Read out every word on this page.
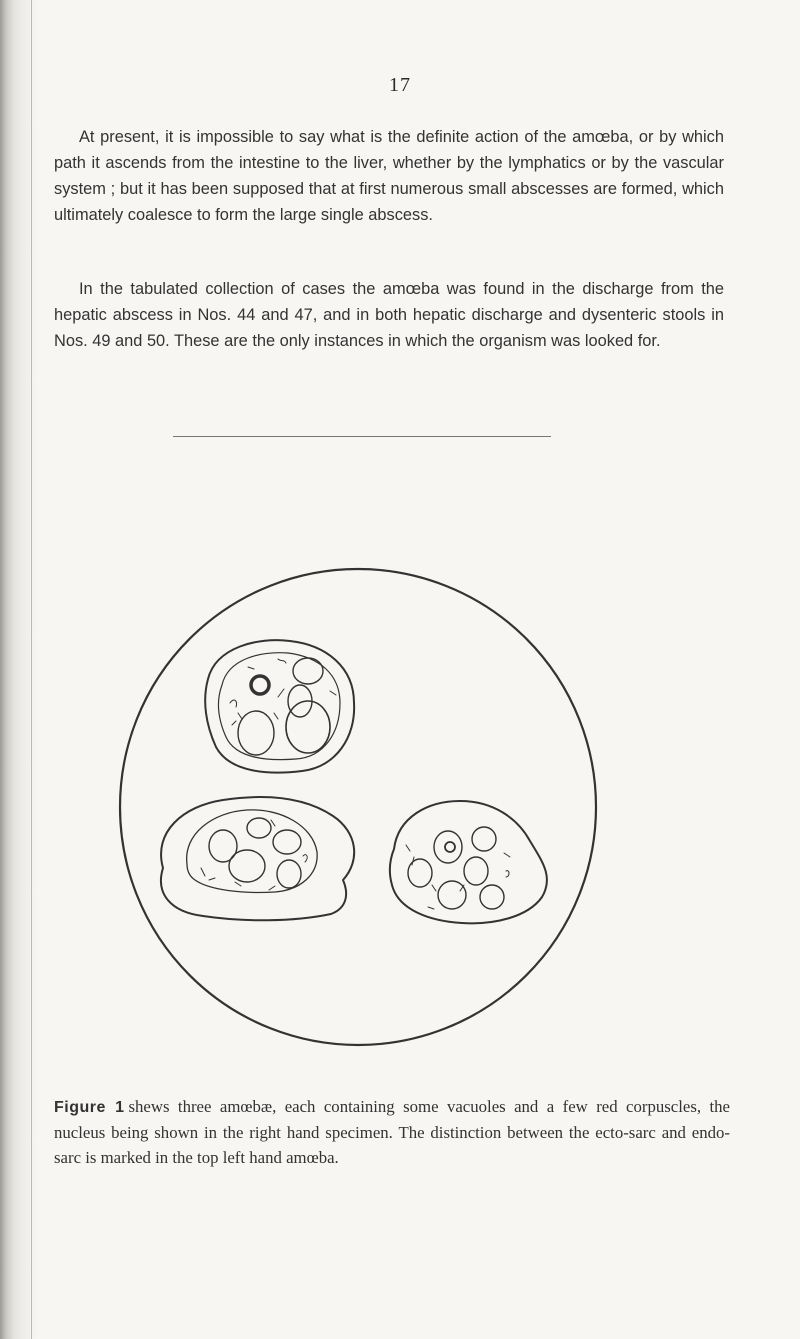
17

At present, it is impossible to say what is the definite action of the amœba, or by which path it ascends from the intestine to the liver, whether by the lymphatics or by the vascular system ; but it has been supposed that at first numerous small abscesses are formed, which ultimately coalesce to form the large single abscess.

In the tabulated collection of cases the amœba was found in the discharge from the hepatic abscess in Nos. 44 and 47, and in both hepatic discharge and dysenteric stools in Nos. 49 and 50. These are the only instances in which the organism was looked for.

Figure 1 shews three amœbæ, each containing some vacuoles and a few red corpuscles, the nucleus being shown in the right hand specimen. The distinction between the ecto-sarc and endo-sarc is marked in the top left hand amœba.
